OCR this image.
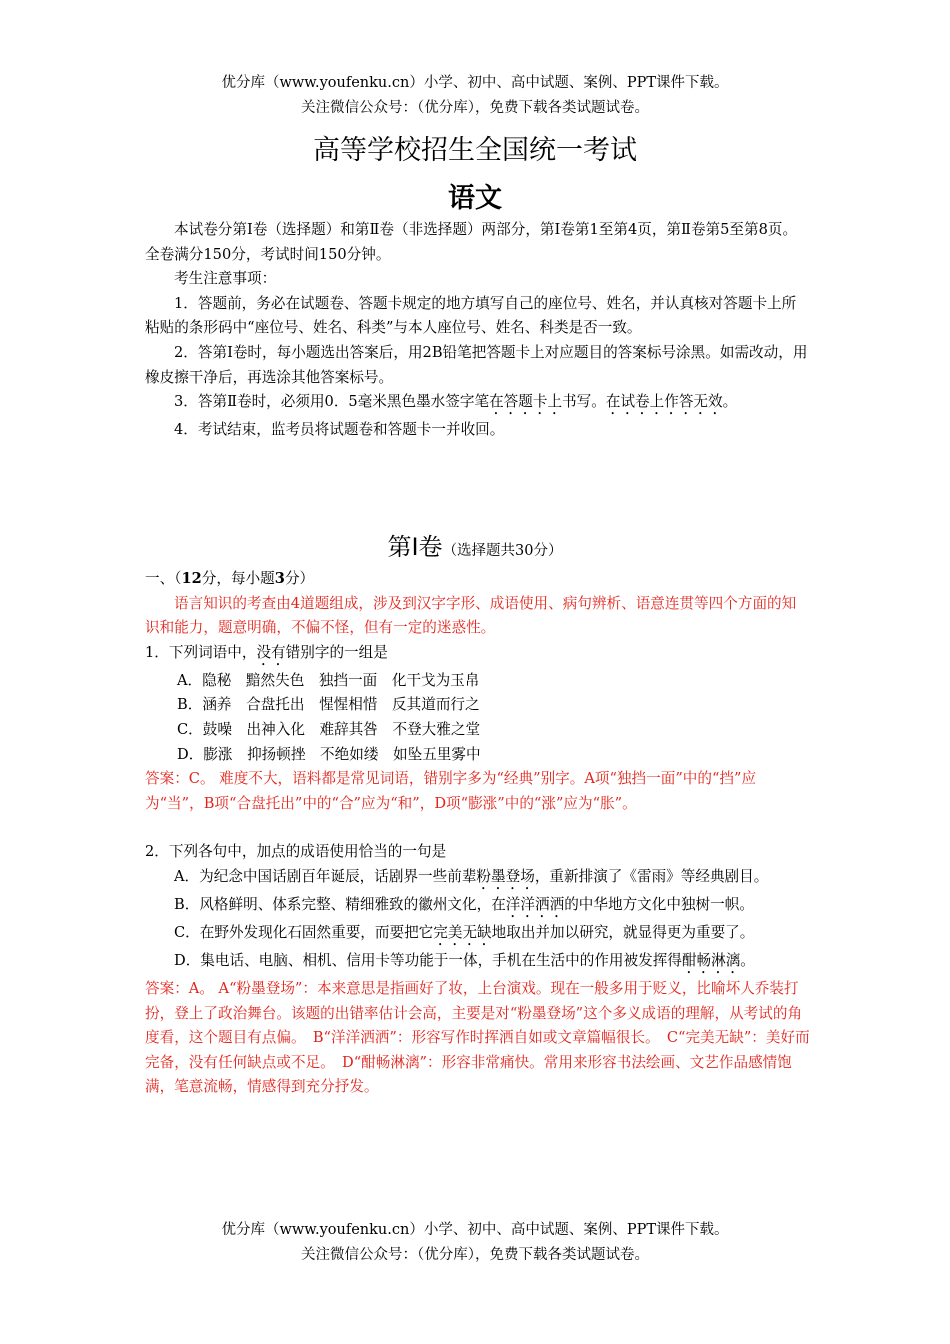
优分库（www.youfenku.cn）小学、初中、高中试题、案例、PPT课件下载。
关注微信公众号：（优分库），免费下载各类试题试卷。
高等学校招生全国统一考试
语文

本试卷分第Ⅰ卷（选择题）和第Ⅱ卷（非选择题）两部分，第Ⅰ卷第1至第4页，第Ⅱ卷第5至第8页。全卷满分150分，考试时间150分钟。

考生注意事项：

1．答题前，务必在试题卷、答题卡规定的地方填写自己的座位号、姓名，并认真核对答题卡上所粘贴的条形码中“座位号、姓名、科类”与本人座位号、姓名、科类是否一致。

2．答第Ⅰ卷时，每小题选出答案后，用2B铅笔把答题卡上对应题目的答案标号涂黑。如需改动，用橡皮擦干净后，再选涂其他答案标号。

3．答第Ⅱ卷时，必须用0．5毫米黑色墨水签字笔在答题卡上书写。在试卷上作答无效。

4．考试结束，监考员将试题卷和答题卡一并收回。

第Ⅰ卷（选择题共30分）

一、（12分，每小题3分）

语言知识的考查由4道题组成，涉及到汉字字形、成语使用、病句辨析、语意连贯等四个方面的知识和能力，题意明确，不偏不怪，但有一定的迷惑性。

1．下列词语中，没有错别字的一组是

A．隐秘　黯然失色　独挡一面　化干戈为玉帛

B．涵养　合盘托出　惺惺相惜　反其道而行之

C．鼓噪　出神入化　难辞其咎　不登大雅之堂

D．膨涨　抑扬顿挫　不绝如缕　如坠五里雾中

答案：C。 难度不大，语料都是常见词语，错别字多为“经典”别字。A项“独挡一面”中的“挡”应为“当”，B项“合盘托出”中的“合”应为“和”，D项“膨涨”中的“涨”应为“胀”。

2．下列各句中，加点的成语使用恰当的一句是

A．为纪念中国话剧百年诞辰，话剧界一些前辈粉墨登场，重新排演了《雷雨》等经典剧目。

B．风格鲜明、体系完整、精细雅致的徽州文化，在洋洋洒洒的中华地方文化中独树一帜。

C．在野外发现化石固然重要，而要把它完美无缺地取出并加以研究，就显得更为重要了。

D．集电话、电脑、相机、信用卡等功能于一体，手机在生活中的作用被发挥得酣畅淋漓。

答案：A。 A“粉墨登场”：本来意思是指画好了妆，上台演戏。现在一般多用于贬义，比喻坏人乔装打扮，登上了政治舞台。该题的出错率估计会高，主要是对“粉墨登场”这个多义成语的理解，从考试的角度看，这个题目有点偏。　B“洋洋洒洒”：形容写作时挥洒自如或文章篇幅很长。　C“完美无缺”：美好而完备，没有任何缺点或不足。　D“酣畅淋漓”：形容非常痛快。常用来形容书法绘画、文艺作品感情饱满，笔意流畅，情感得到充分抒发。

优分库（www.youfenku.cn）小学、初中、高中试题、案例、PPT课件下载。
关注微信公众号：（优分库），免费下载各类试题试卷。
